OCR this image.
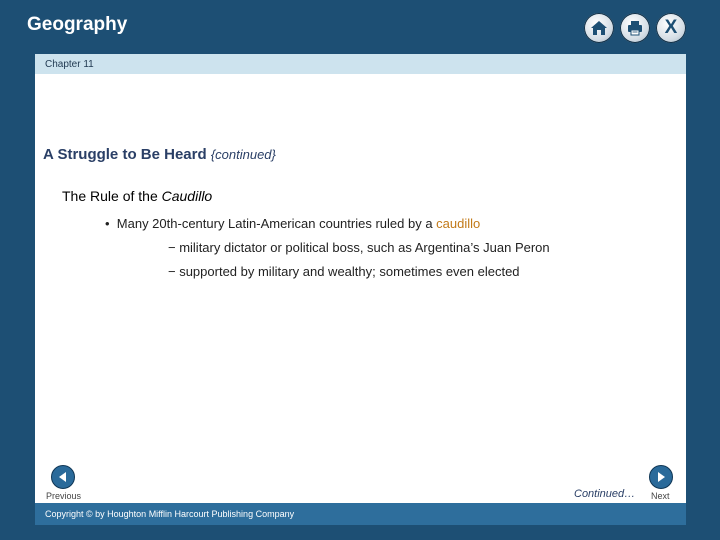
Geography	X
Chapter 11
A Struggle to Be Heard {continued}
The Rule of the Caudillo
•  Many 20th-century Latin-American countries ruled by a caudillo
− military dictator or political boss, such as Argentina’s Juan Peron
− supported by military and wealthy; sometimes even elected
Previous	Continued… Next
Copyright © by Houghton Mifflin Harcourt Publishing Company
